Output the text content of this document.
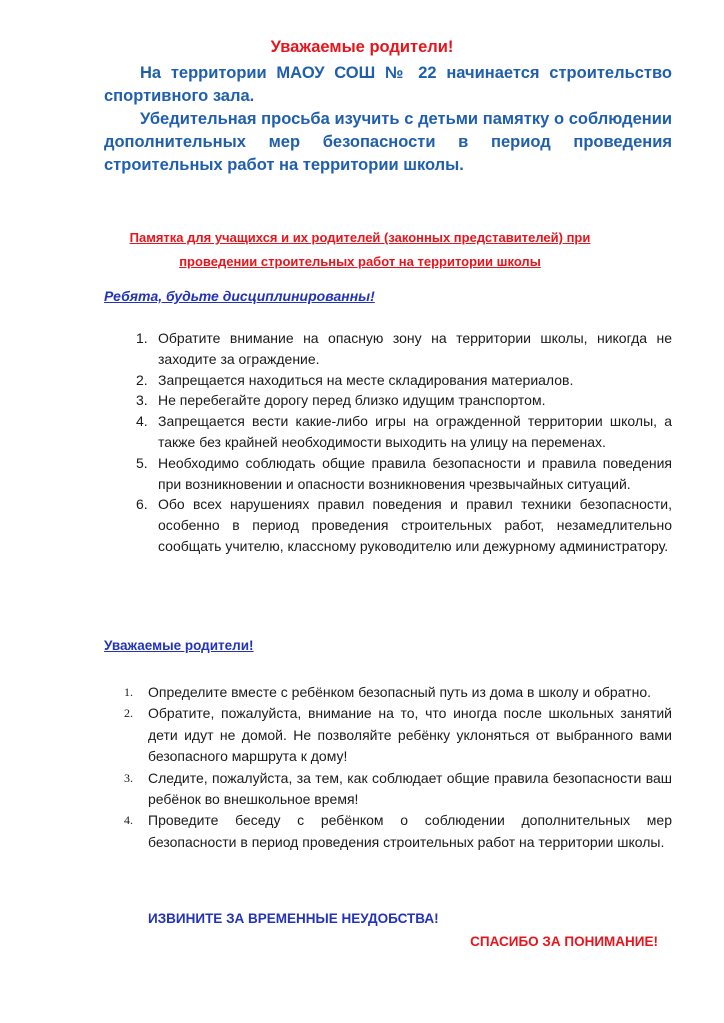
Уважаемые родители!

На территории МАОУ СОШ № 22 начинается строительство спортивного зала.

Убедительная просьба изучить с детьми памятку о соблюдении дополнительных мер безопасности в период проведения строительных работ на территории школы.

Памятка для учащихся и их родителей (законных представителей) при
проведении строительных работ на территории школы
Ребята, будьте дисциплинированны!
1. Обратите внимание на опасную зону на территории школы, никогда не заходите за ограждение.
2. Запрещается находиться на месте складирования материалов.
3. Не перебегайте дорогу перед близко идущим транспортом.
4. Запрещается вести какие-либо игры на огражденной территории школы, а также без крайней необходимости выходить на улицу на переменах.
5. Необходимо соблюдать общие правила безопасности и правила поведения при возникновении и опасности возникновения чрезвычайных ситуаций.
6. Обо всех нарушениях правил поведения и правил техники безопасности, особенно в период проведения строительных работ, незамедлительно сообщать учителю, классному руководителю или дежурному администратору.
Уважаемые родители!
1. Определите вместе с ребёнком безопасный путь из дома в школу и обратно.
2. Обратите, пожалуйста, внимание на то, что иногда после школьных занятий дети идут не домой. Не позволяйте ребёнку уклоняться от выбранного вами безопасного маршрута к дому!
3. Следите, пожалуйста, за тем, как соблюдает общие правила безопасности ваш ребёнок во внешкольное время!
4. Проведите беседу с ребёнком о соблюдении дополнительных мер безопасности в период проведения строительных работ на территории школы.
ИЗВИНИТЕ ЗА ВРЕМЕННЫЕ НЕУДОБСТВА!
СПАСИБО ЗА ПОНИМАНИЕ!
